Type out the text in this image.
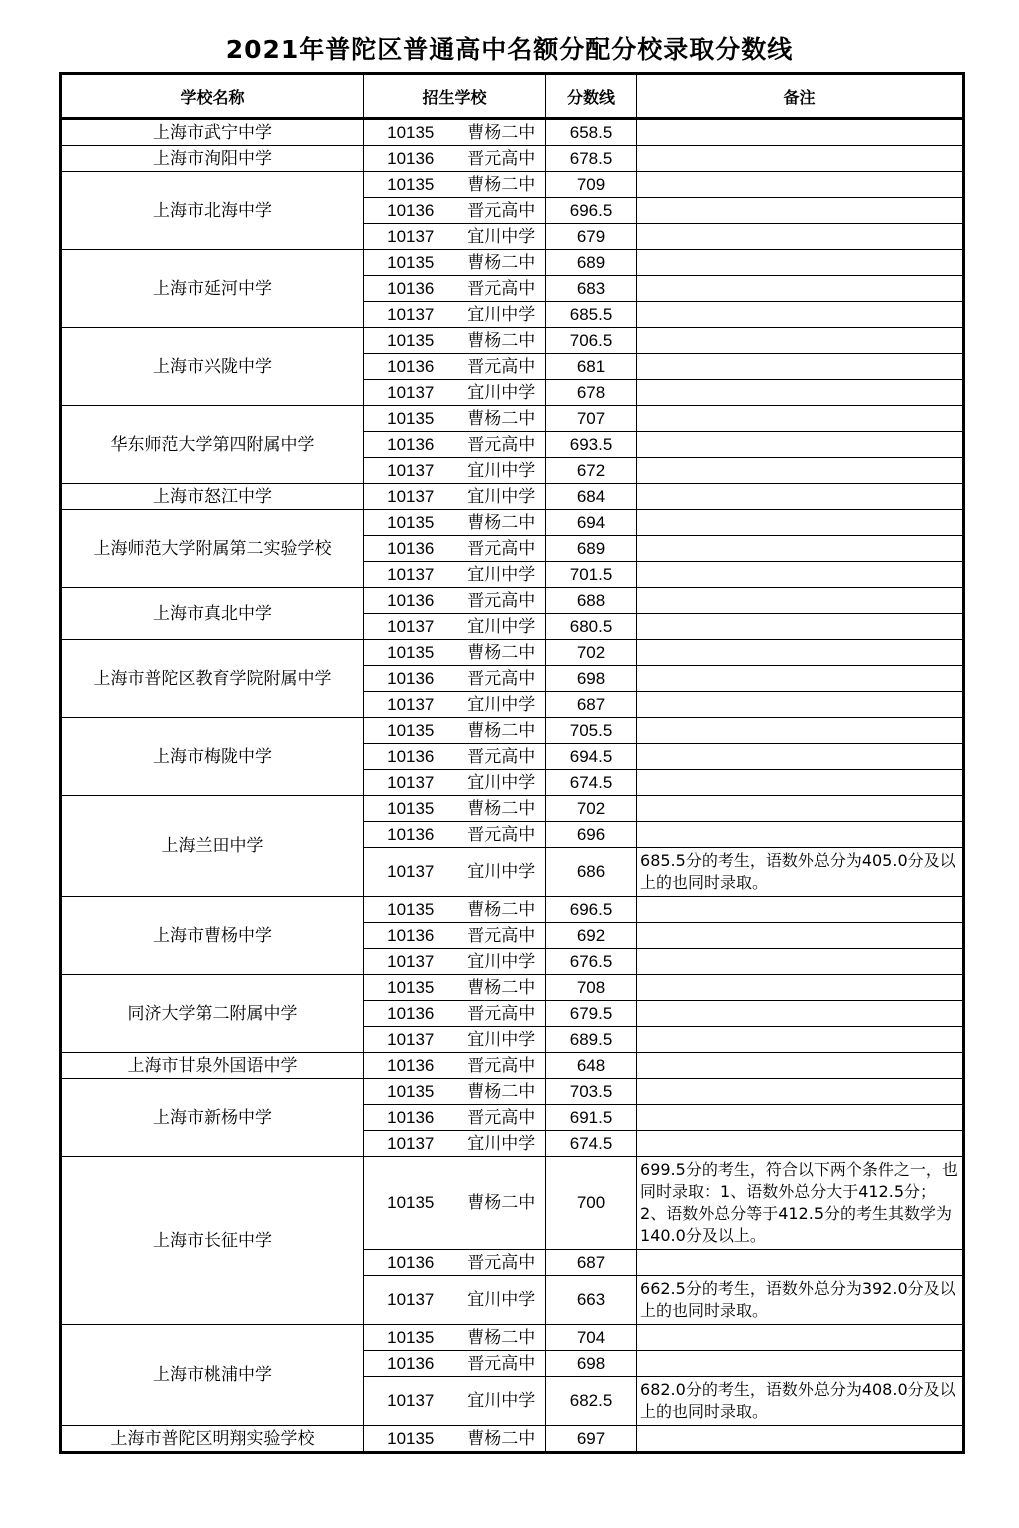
2021年普陀区普通高中名额分配分校录取分数线
学校名称	招生学校		分数线	备注
上海市武宁中学	10135	曹杨二中	658.5	
上海市洵阳中学	10136	晋元高中	678.5	
上海市北海中学	10135	曹杨二中	709	
	10136	晋元高中	696.5	
	10137	宜川中学	679	
上海市延河中学	10135	曹杨二中	689	
	10136	晋元高中	683	
	10137	宜川中学	685.5	
上海市兴陇中学	10135	曹杨二中	706.5	
	10136	晋元高中	681	
	10137	宜川中学	678	
华东师范大学第四附属中学	10135	曹杨二中	707	
	10136	晋元高中	693.5	
	10137	宜川中学	672	
上海市怒江中学	10137	宜川中学	684	
上海师范大学附属第二实验学校	10135	曹杨二中	694	
	10136	晋元高中	689	
	10137	宜川中学	701.5	
上海市真北中学	10136	晋元高中	688	
	10137	宜川中学	680.5	
上海市普陀区教育学院附属中学	10135	曹杨二中	702	
	10136	晋元高中	698	
	10137	宜川中学	687	
上海市梅陇中学	10135	曹杨二中	705.5	
	10136	晋元高中	694.5	
	10137	宜川中学	674.5	
上海兰田中学	10135	曹杨二中	702	
	10136	晋元高中	696	
	10137	宜川中学	686	685.5分的考生，语数外总分为405.0分及以上的也同时录取。
上海市曹杨中学	10135	曹杨二中	696.5	
	10136	晋元高中	692	
	10137	宜川中学	676.5	
同济大学第二附属中学	10135	曹杨二中	708	
	10136	晋元高中	679.5	
	10137	宜川中学	689.5	
上海市甘泉外国语中学	10136	晋元高中	648	
上海市新杨中学	10135	曹杨二中	703.5	
	10136	晋元高中	691.5	
	10137	宜川中学	674.5	
上海市长征中学	10135	曹杨二中	700	699.5分的考生，符合以下两个条件之一，也同时录取：1、语数外总分大于412.5分；2、语数外总分等于412.5分的考生其数学为140.0分及以上。
	10136	晋元高中	687	
	10137	宜川中学	663	662.5分的考生，语数外总分为392.0分及以上的也同时录取。
上海市桃浦中学	10135	曹杨二中	704	
	10136	晋元高中	698	
	10137	宜川中学	682.5	682.0分的考生，语数外总分为408.0分及以上的也同时录取。
上海市普陀区明翔实验学校	10135	曹杨二中	697	
